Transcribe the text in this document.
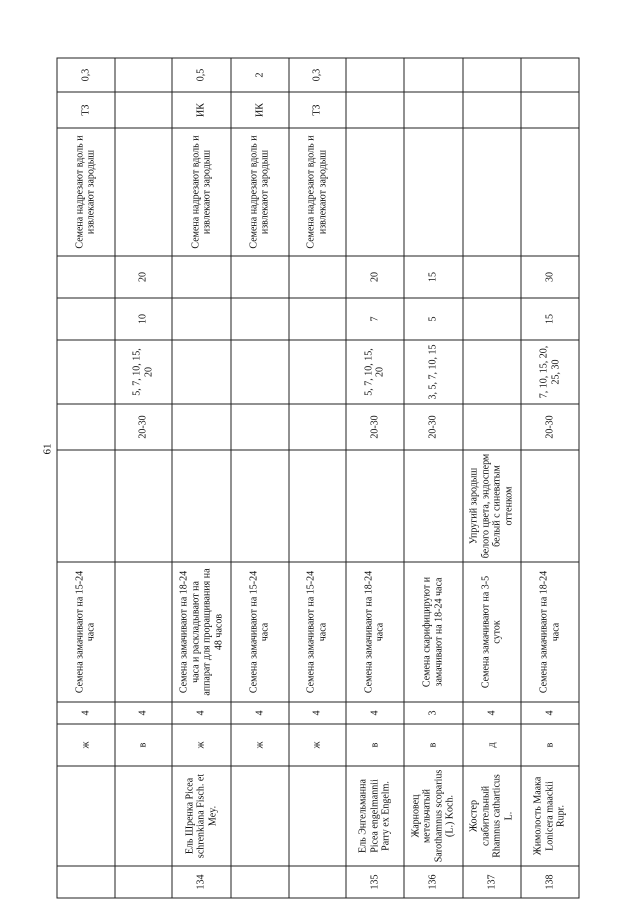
61
		ж	4	Семена замачивают на 15-24 часа						Семена надрезают вдоль и извлекают зародыш	ТЗ	0,3
		в	4			20-30	5, 7, 10, 15, 20	10	20			
134	Ель Шренка Picea schrenkiana Fisch. et Mey.	ж	4	Семена замачивают на 18-24 часа и раскладывают на аппарат для проращивания на 48 часов						Семена надрезают вдоль и извлекают зародыш	ИК	0,5
		ж	4	Семена замачивают на 15-24 часа						Семена надрезают вдоль и извлекают зародыш	ИК	2
		ж	4	Семена замачивают на 15-24 часа						Семена надрезают вдоль и извлекают зародыш	ТЗ	0,3
135	Ель Энгельманна Picea engelmannii Parry ex Engelm.	в	4	Семена замачивают на 18-24 часа		20-30	5, 7, 10, 15, 20	7	20			
136	Жарновец метельчатый Sarothamnus scoparius (L.) Koch.	в	3	Семена скарифицируют и замачивают на 18-24 часа		20-30	3, 5, 7, 10, 15	5	15			
137	Жостер слабительный Rhamnus catharticus L.	д	4	Семена замачивают на 3-5 суток	Упругий зародыш белого цвета, эндосперм белый с синеватым оттенком							
138	Жимолость Маака Lonicera maackii Rupr.	в	4	Семена замачивают на 18-24 часа		20-30	7, 10, 15, 20, 25, 30	15	30			
